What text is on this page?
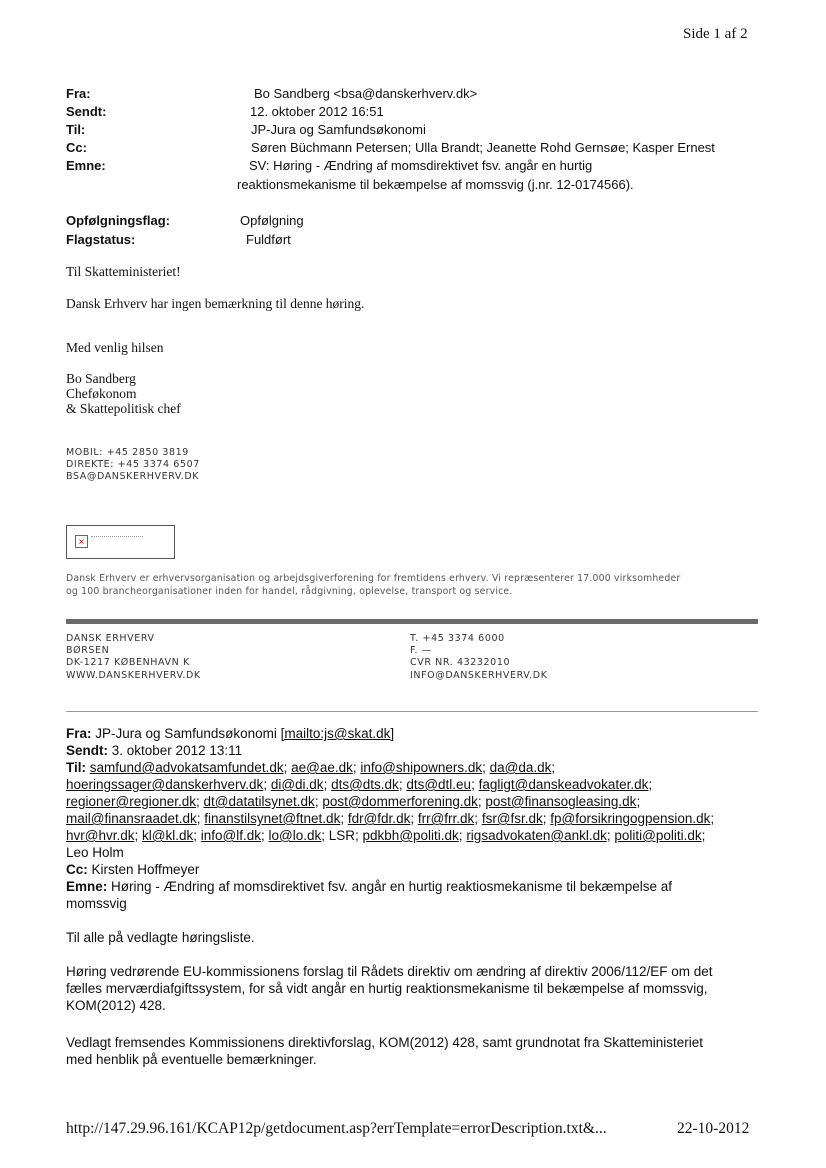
Side 1 af 2
Fra:	Bo Sandberg <bsa@danskerhverv.dk>
Sendt:	12. oktober 2012 16:51
Til:	JP-Jura og Samfundsøkonomi
Cc:	Søren Büchmann Petersen; Ulla Brandt; Jeanette Rohd Gernsøe; Kasper Ernest
Emne:	SV: Høring - Ændring af momsdirektivet fsv. angår en hurtig
reaktionsmekanisme til bekæmpelse af momssvig (j.nr. 12-0174566).
Opfølgningsflag:	Opfølgning
Flagstatus:	Fuldført
Til Skatteministeriet!
Dansk Erhverv har ingen bemærkning til denne høring.
Med venlig hilsen
Bo Sandberg
Cheføkonom
& Skattepolitisk chef
MOBIL: +45 2850 3819
DIREKTE: +45 3374 6507
BSA@DANSKERHVERV.DK
×
Dansk Erhverv er erhvervsorganisation og arbejdsgiverforening for fremtidens erhverv. Vi repræsenterer 17.000 virksomheder
og 100 brancheorganisationer inden for handel, rådgivning, oplevelse, transport og service.
DANSK ERHVERV
BØRSEN
DK-1217 KØBENHAVN K
WWW.DANSKERHVERV.DK
T. +45 3374 6000
F. —
CVR NR. 43232010
INFO@DANSKERHVERV.DK
Fra: JP-Jura og Samfundsøkonomi [mailto:js@skat.dk]
Sendt: 3. oktober 2012 13:11
Til: samfund@advokatsamfundet.dk; ae@ae.dk; info@shipowners.dk; da@da.dk;
hoeringssager@danskerhverv.dk; di@di.dk; dts@dts.dk; dts@dtl.eu; fagligt@danskeadvokater.dk;
regioner@regioner.dk; dt@datatilsynet.dk; post@dommerforening.dk; post@finansogleasing.dk;
mail@finansraadet.dk; finanstilsynet@ftnet.dk; fdr@fdr.dk; frr@frr.dk; fsr@fsr.dk; fp@forsikringogpension.dk;
hvr@hvr.dk; kl@kl.dk; info@lf.dk; lo@lo.dk; LSR; pdkbh@politi.dk; rigsadvokaten@ankl.dk; politi@politi.dk;
Leo Holm
Cc: Kirsten Hoffmeyer
Emne: Høring - Ændring af momsdirektivet fsv. angår en hurtig reaktiosmekanisme til bekæmpelse af
momssvig
Til alle på vedlagte høringsliste.
Høring vedrørende EU-kommissionens forslag til Rådets direktiv om ændring af direktiv 2006/112/EF om det
fælles merværdiafgiftssystem, for så vidt angår en hurtig reaktionsmekanisme til bekæmpelse af momssvig,
KOM(2012) 428.
Vedlagt fremsendes Kommissionens direktivforslag, KOM(2012) 428, samt grundnotat fra Skatteministeriet
med henblik på eventuelle bemærkninger.
http://147.29.96.161/KCAP12p/getdocument.asp?errTemplate=errorDescription.txt&...	22-10-2012
